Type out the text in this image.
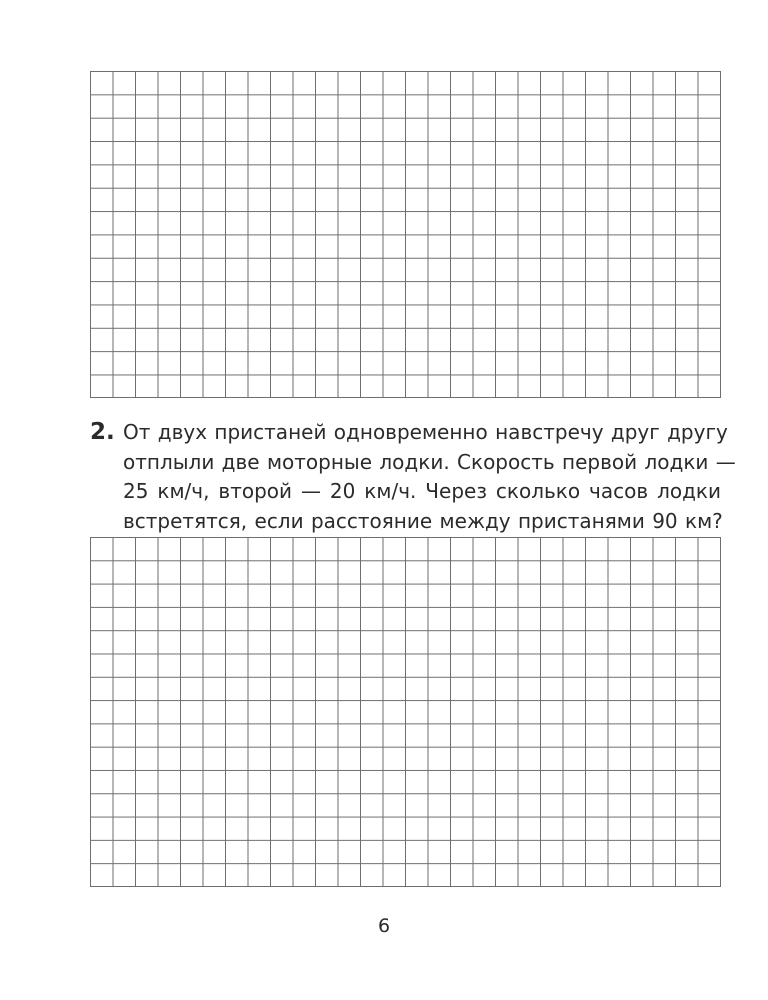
2. От двух пристаней одновременно навстречу друг другу
отплыли две моторные лодки. Скорость первой лодки —
25 км/ч, второй — 20 км/ч. Через сколько часов лодки
встретятся, если расстояние между пристанями 90 км?
6
